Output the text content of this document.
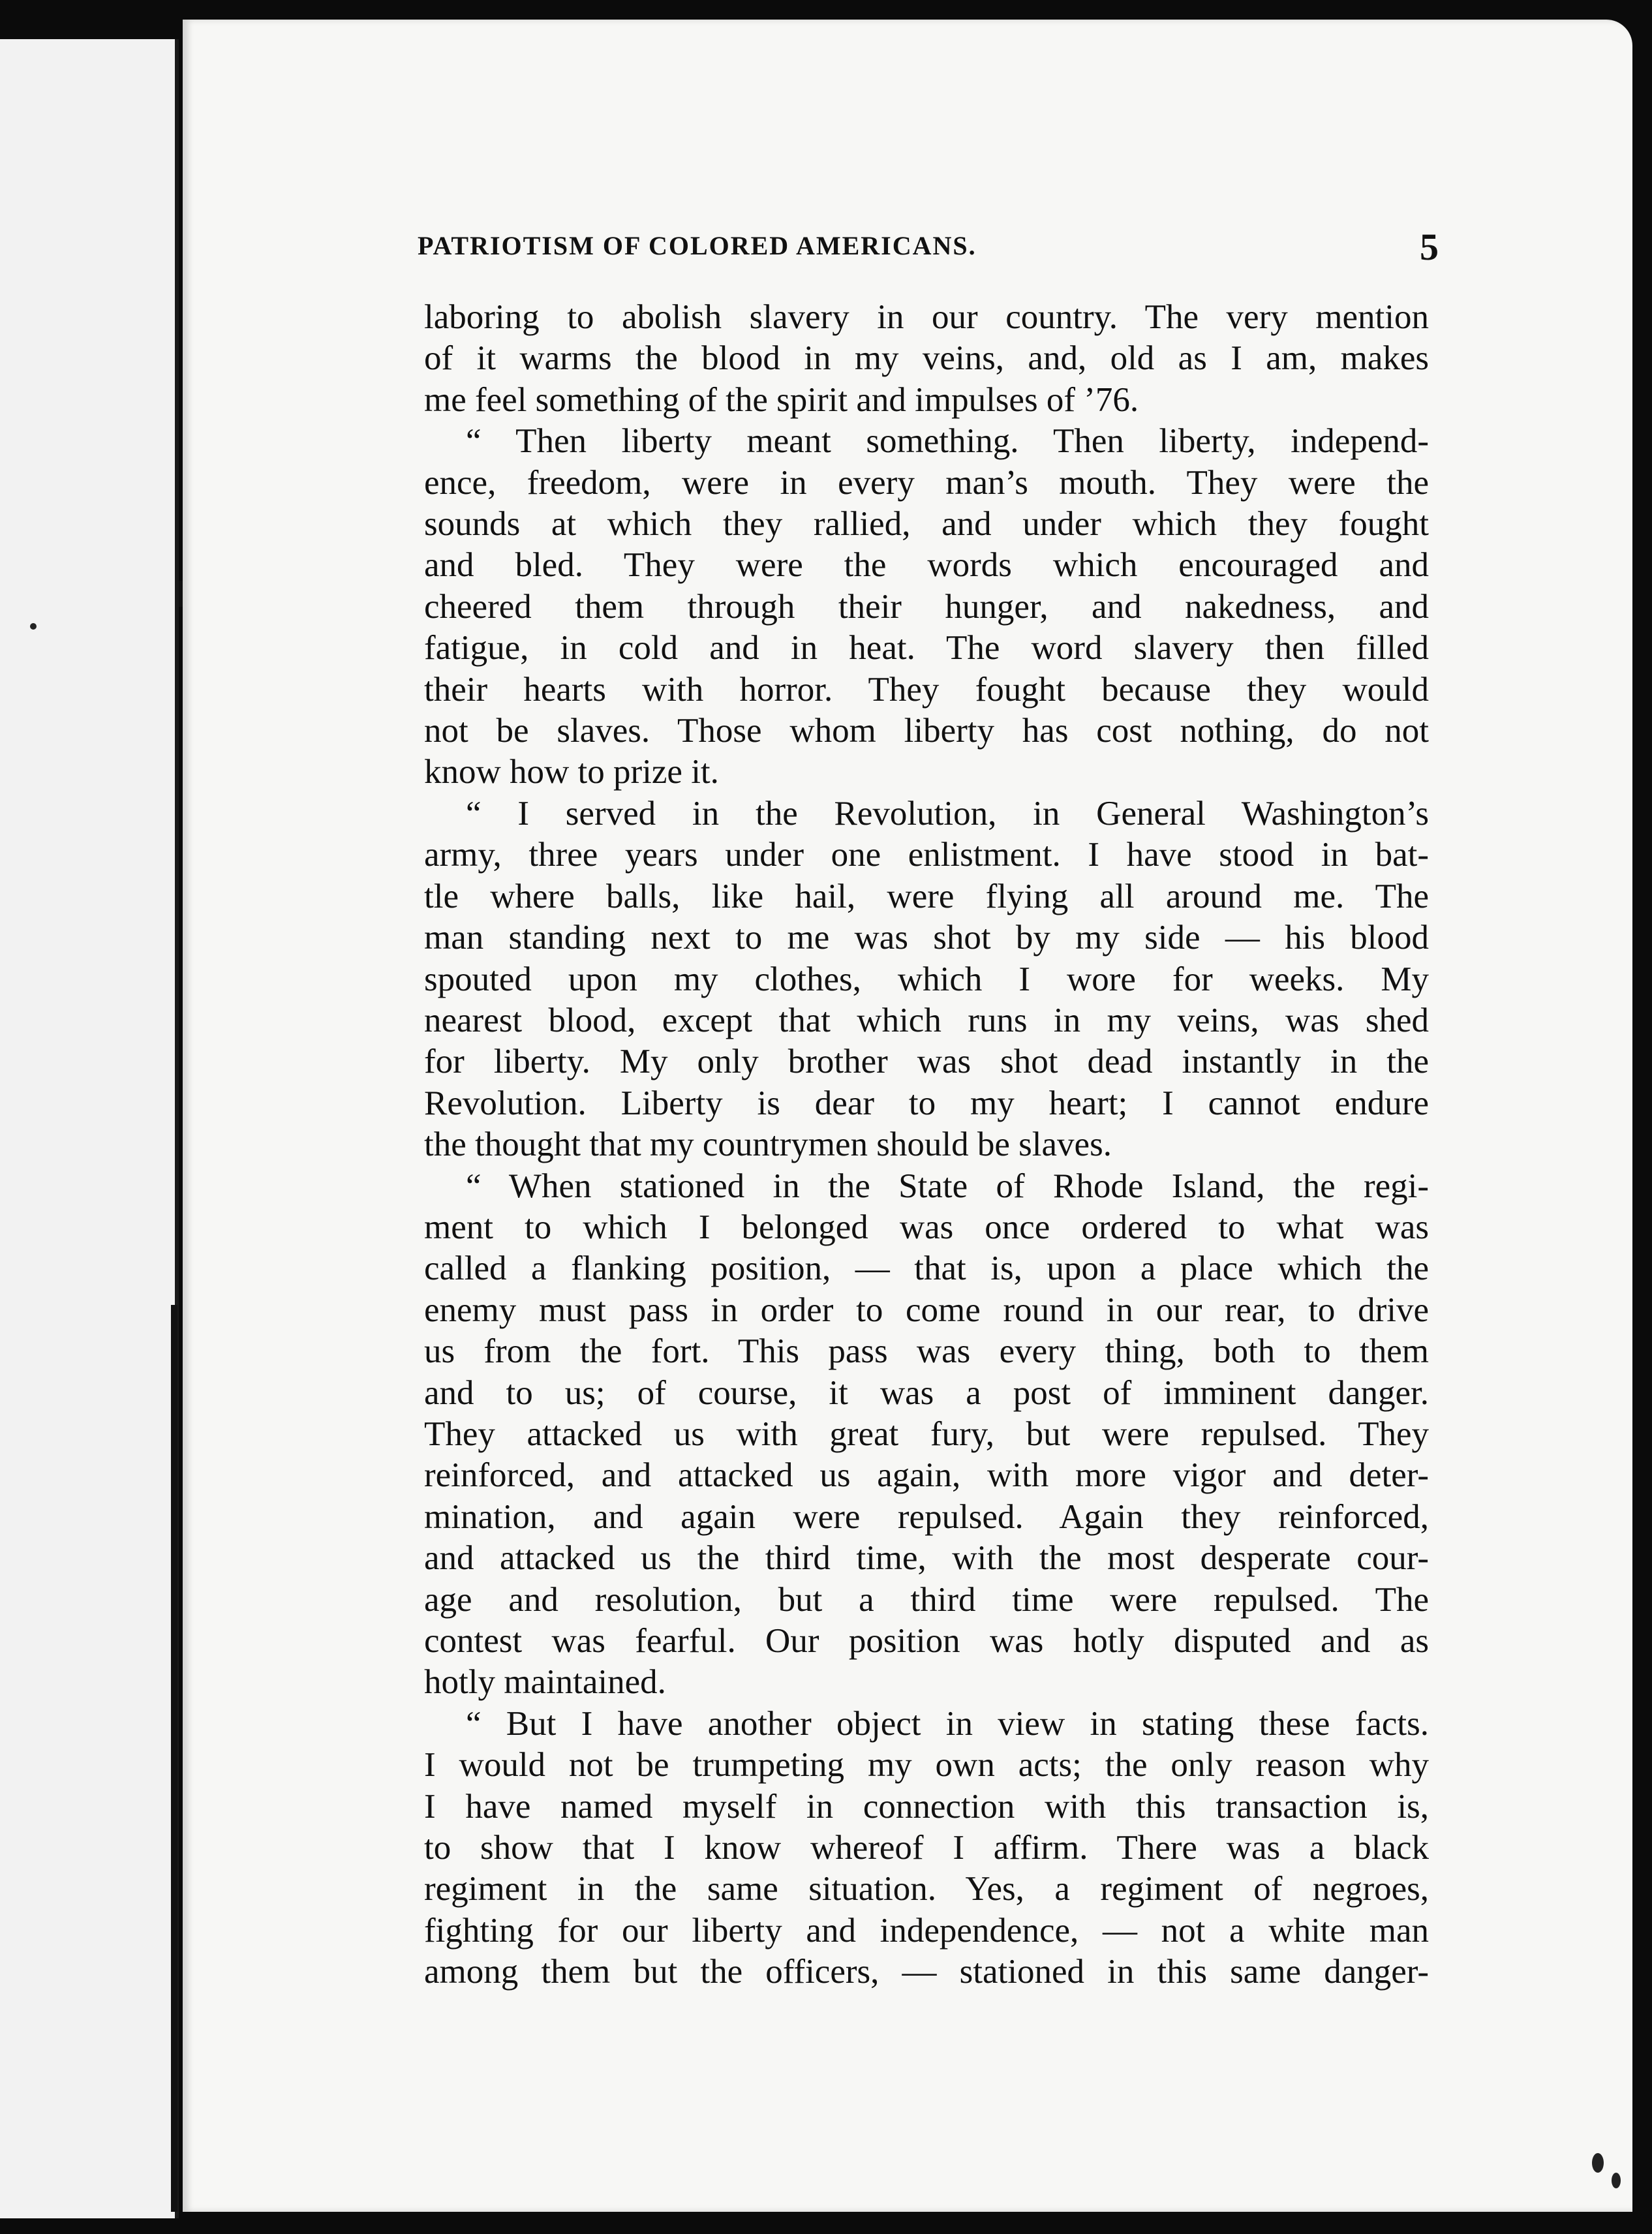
PATRIOTISM OF COLORED AMERICANS.	5
laboring to abolish slavery in our country. The very mention
of it warms the blood in my veins, and, old as I am, makes
me feel something of the spirit and impulses of ’76.
“ Then liberty meant something. Then liberty, independ-
ence, freedom, were in every man’s mouth. They were the
sounds at which they rallied, and under which they fought
and bled. They were the words which encouraged and
cheered them through their hunger, and nakedness, and
fatigue, in cold and in heat. The word slavery then filled
their hearts with horror. They fought because they would
not be slaves. Those whom liberty has cost nothing, do not
know how to prize it.
“ I served in the Revolution, in General Washington’s
army, three years under one enlistment. I have stood in bat-
tle where balls, like hail, were flying all around me. The
man standing next to me was shot by my side — his blood
spouted upon my clothes, which I wore for weeks. My
nearest blood, except that which runs in my veins, was shed
for liberty. My only brother was shot dead instantly in the
Revolution. Liberty is dear to my heart; I cannot endure
the thought that my countrymen should be slaves.
“ When stationed in the State of Rhode Island, the regi-
ment to which I belonged was once ordered to what was
called a flanking position, — that is, upon a place which the
enemy must pass in order to come round in our rear, to drive
us from the fort. This pass was every thing, both to them
and to us; of course, it was a post of imminent danger.
They attacked us with great fury, but were repulsed. They
reinforced, and attacked us again, with more vigor and deter-
mination, and again were repulsed. Again they reinforced,
and attacked us the third time, with the most desperate cour-
age and resolution, but a third time were repulsed. The
contest was fearful. Our position was hotly disputed and as
hotly maintained.
“ But I have another object in view in stating these facts.
I would not be trumpeting my own acts; the only reason why
I have named myself in connection with this transaction is,
to show that I know whereof I affirm. There was a black
regiment in the same situation. Yes, a regiment of negroes,
fighting for our liberty and independence, — not a white man
among them but the officers, — stationed in this same danger-
